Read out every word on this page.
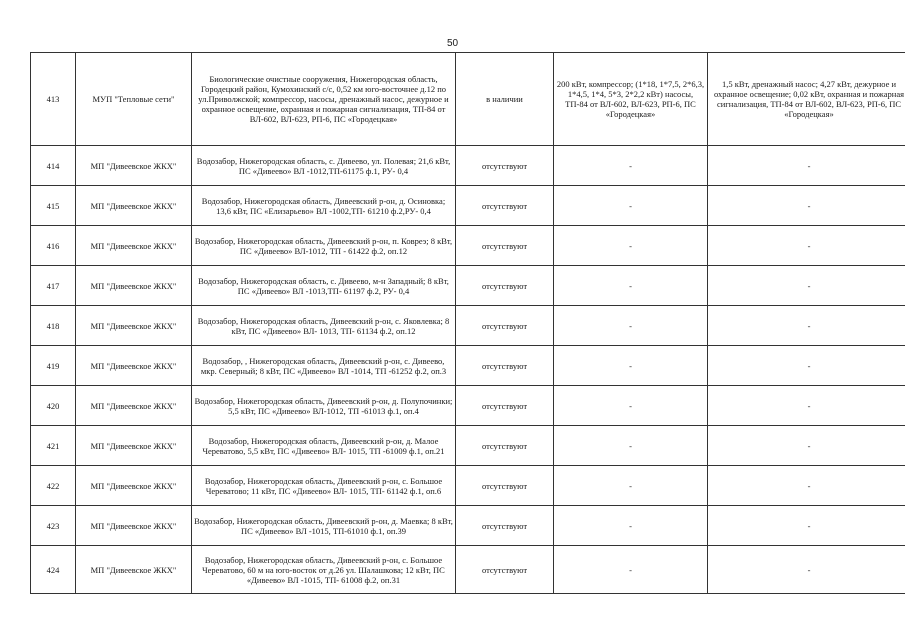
50
413	МУП "Тепловые сети"	Биологические очистные сооружения, Нижегородская область, Городецкий район, Кумохинский с/с, 0,52 км юго-восточнее д.12 по ул.Приволжской; компрессор, насосы, дренажный насос, дежурное и охранное освещение, охранная и пожарная сигнализация, ТП-84 от ВЛ-602, ВЛ-623, РП-6, ПС «Городецкая»	в наличии	200 кВт, компрессор; (1*18, 1*7,5, 2*6,3, 1*4,5, 1*4, 5*3, 2*2,2 кВт) насосы, ТП-84 от ВЛ-602, ВЛ-623, РП-6, ПС «Городецкая»	1,5 кВт, дренажный насос; 4,27 кВт, дежурное и охранное освещение; 0,02 кВт, охранная и пожарная сигнализация, ТП-84 от ВЛ-602, ВЛ-623, РП-6, ПС «Городецкая»
414	МП "Дивеевское ЖКХ"	Водозабор, Нижегородская область, с. Дивеево, ул. Полевая; 21,6 кВт, ПС «Дивеево» ВЛ -1012,ТП-61175 ф.1, РУ- 0,4	отсутствуют	-	-
415	МП "Дивеевское ЖКХ"	Водозабор, Нижегородская область, Дивеевский р-он, д. Осиновка; 13,6 кВт, ПС «Елизарьево» ВЛ -1002,ТП- 61210 ф.2,РУ- 0,4	отсутствуют	-	-
416	МП "Дивеевское ЖКХ"	Водозабор, Нижегородская область, Дивеевский р-он, п. Ковреэ; 8 кВт, ПС «Дивеево» ВЛ-1012, ТП - 61422 ф.2, оп.12	отсутствуют	-	-
417	МП "Дивеевское ЖКХ"	Водозабор, Нижегородская область, с. Дивеево, м-н Западный; 8 кВт, ПС «Дивеево» ВЛ -1013,ТП- 61197 ф.2, РУ- 0,4	отсутствуют	-	-
418	МП "Дивеевское ЖКХ"	Водозабор, Нижегородская область, Дивеевский р-он, с. Яковлевка; 8 кВт, ПС «Дивеево» ВЛ- 1013, ТП- 61134 ф.2, оп.12	отсутствуют	-	-
419	МП "Дивеевское ЖКХ"	Водозабор, , Нижегородская область, Дивеевский р-он, с. Дивеево, мкр. Северный; 8 кВт, ПС «Дивеево» ВЛ -1014, ТП -61252 ф.2, оп.3	отсутствуют	-	-
420	МП "Дивеевское ЖКХ"	Водозабор, Нижегородская область, Дивеевский р-он, д. Полупочинки; 5,5 кВт, ПС «Дивеево» ВЛ-1012, ТП -61013 ф.1, оп.4	отсутствуют	-	-
421	МП "Дивеевское ЖКХ"	Водозабор, Нижегородская область, Дивеевский р-он, д. Малое Череватово, 5,5 кВт, ПС «Дивеево» ВЛ- 1015, ТП -61009 ф.1, оп.21	отсутствуют	-	-
422	МП "Дивеевское ЖКХ"	Водозабор, Нижегородская область, Дивеевский р-он, с. Большое Череватово; 11 кВт, ПС «Дивеево» ВЛ- 1015, ТП- 61142 ф.1, оп.6	отсутствуют	-	-
423	МП "Дивеевское ЖКХ"	Водозабор, Нижегородская область, Дивеевский р-он, д. Маевка; 8 кВт, ПС «Дивеево» ВЛ -1015, ТП-61010 ф.1, оп.39	отсутствуют	-	-
424	МП "Дивеевское ЖКХ"	Водозабор, Нижегородская область, Дивеевский р-он, с. Большое Череватово, 60 м на юго-восток от д.26 ул. Шалашкова; 12 кВт, ПС «Дивеево» ВЛ -1015, ТП- 61008 ф.2, оп.31	отсутствуют	-	-
